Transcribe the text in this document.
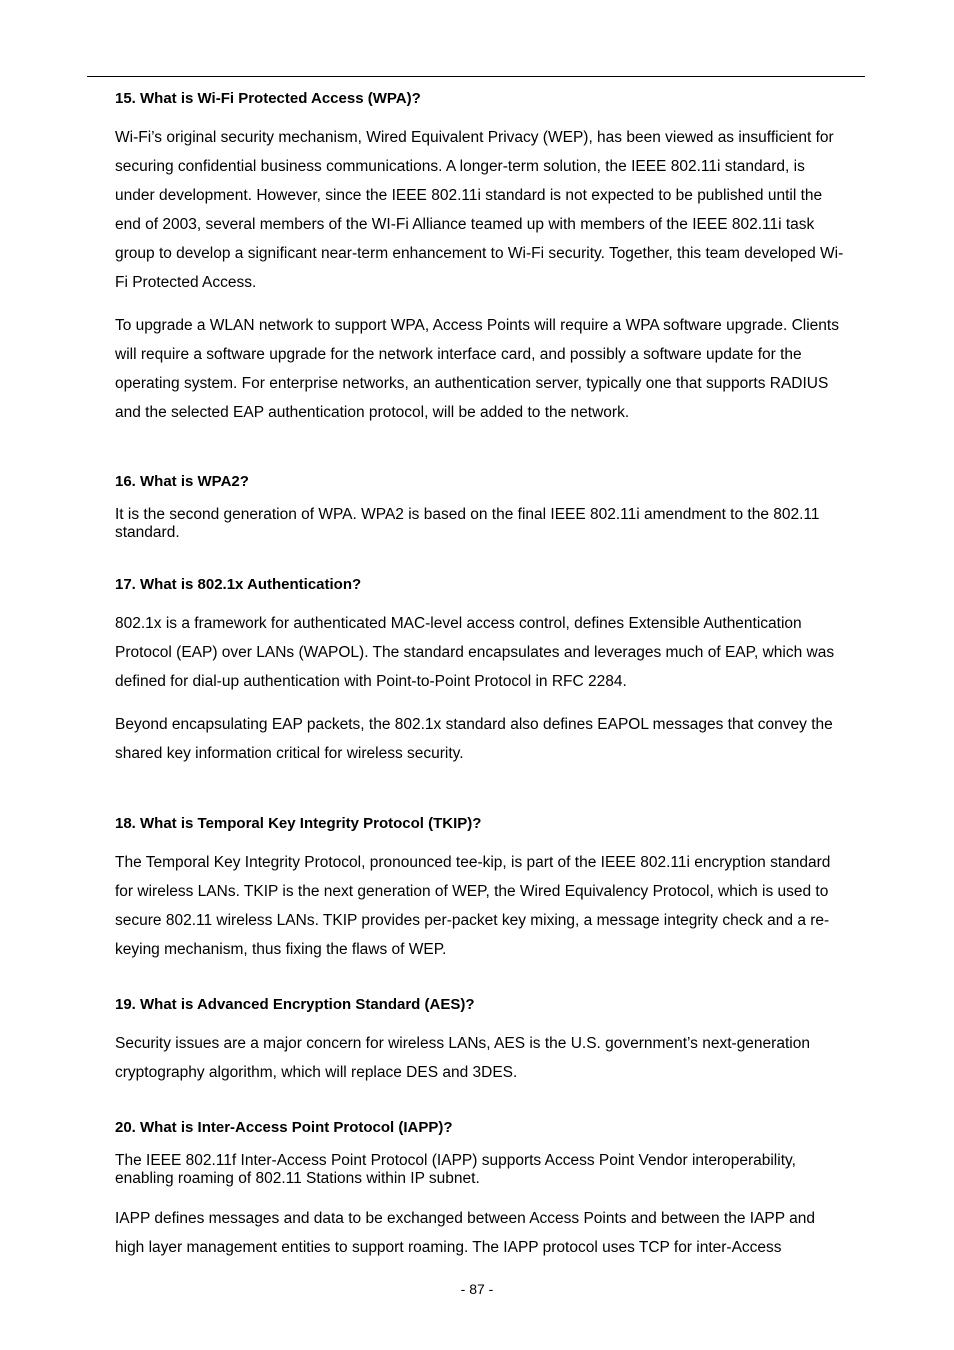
15. What is Wi-Fi Protected Access (WPA)?

Wi-Fi’s original security mechanism, Wired Equivalent Privacy (WEP), has been viewed as insufficient for securing confidential business communications. A longer-term solution, the IEEE 802.11i standard, is under development. However, since the IEEE 802.11i standard is not expected to be published until the end of 2003, several members of the WI-Fi Alliance teamed up with members of the IEEE 802.11i task group to develop a significant near-term enhancement to Wi-Fi security. Together, this team developed Wi-Fi Protected Access.

To upgrade a WLAN network to support WPA, Access Points will require a WPA software upgrade. Clients will require a software upgrade for the network interface card, and possibly a software update for the operating system. For enterprise networks, an authentication server, typically one that supports RADIUS and the selected EAP authentication protocol, will be added to the network.

16. What is WPA2?

It is the second generation of WPA. WPA2 is based on the final IEEE 802.11i amendment to the 802.11 standard.

17. What is 802.1x Authentication?

802.1x is a framework for authenticated MAC-level access control, defines Extensible Authentication Protocol (EAP) over LANs (WAPOL). The standard encapsulates and leverages much of EAP, which was defined for dial-up authentication with Point-to-Point Protocol in RFC 2284.

Beyond encapsulating EAP packets, the 802.1x standard also defines EAPOL messages that convey the shared key information critical for wireless security.

18. What is Temporal Key Integrity Protocol (TKIP)?

The Temporal Key Integrity Protocol, pronounced tee-kip, is part of the IEEE 802.11i encryption standard for wireless LANs. TKIP is the next generation of WEP, the Wired Equivalency Protocol, which is used to secure 802.11 wireless LANs. TKIP provides per-packet key mixing, a message integrity check and a re-keying mechanism, thus fixing the flaws of WEP.

19. What is Advanced Encryption Standard (AES)?

Security issues are a major concern for wireless LANs, AES is the U.S. government’s next-generation cryptography algorithm, which will replace DES and 3DES.

20. What is Inter-Access Point Protocol (IAPP)?

The IEEE 802.11f Inter-Access Point Protocol (IAPP) supports Access Point Vendor interoperability, enabling roaming of 802.11 Stations within IP subnet.

IAPP defines messages and data to be exchanged between Access Points and between the IAPP and high layer management entities to support roaming. The IAPP protocol uses TCP for inter-Access

- 87 -
